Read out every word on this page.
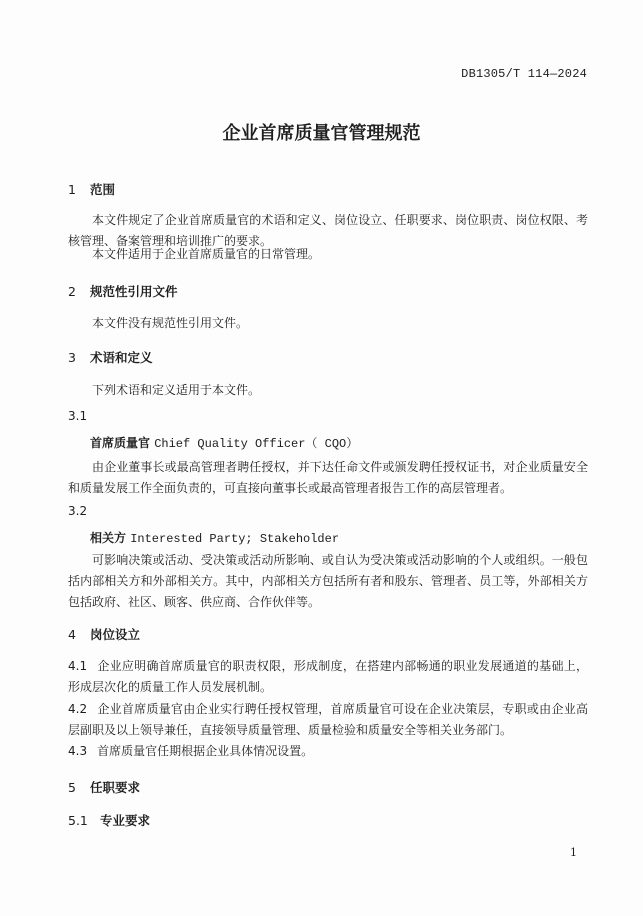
DB1305/T 114—2024
企业首席质量官管理规范
1 范围
本文件规定了企业首席质量官的术语和定义、岗位设立、任职要求、岗位职责、岗位权限、考核管理、备案管理和培训推广的要求。
本文件适用于企业首席质量官的日常管理。
2 规范性引用文件
本文件没有规范性引用文件。
3 术语和定义
下列术语和定义适用于本文件。
3.1
首席质量官 Chief Quality Officer（ CQO）
由企业董事长或最高管理者聘任授权，并下达任命文件或颁发聘任授权证书，对企业质量安全和质量发展工作全面负责的，可直接向董事长或最高管理者报告工作的高层管理者。
3.2
相关方 Interested Party; Stakeholder
可影响决策或活动、受决策或活动所影响、或自认为受决策或活动影响的个人或组织。一般包括内部相关方和外部相关方。其中，内部相关方包括所有者和股东、管理者、员工等，外部相关方包括政府、社区、顾客、供应商、合作伙伴等。
4 岗位设立
4.1 企业应明确首席质量官的职责权限，形成制度，在搭建内部畅通的职业发展通道的基础上，形成层次化的质量工作人员发展机制。
4.2 企业首席质量官由企业实行聘任授权管理，首席质量官可设在企业决策层，专职或由企业高层副职及以上领导兼任，直接领导质量管理、质量检验和质量安全等相关业务部门。
4.3 首席质量官任期根据企业具体情况设置。
5 任职要求
5.1 专业要求
1
